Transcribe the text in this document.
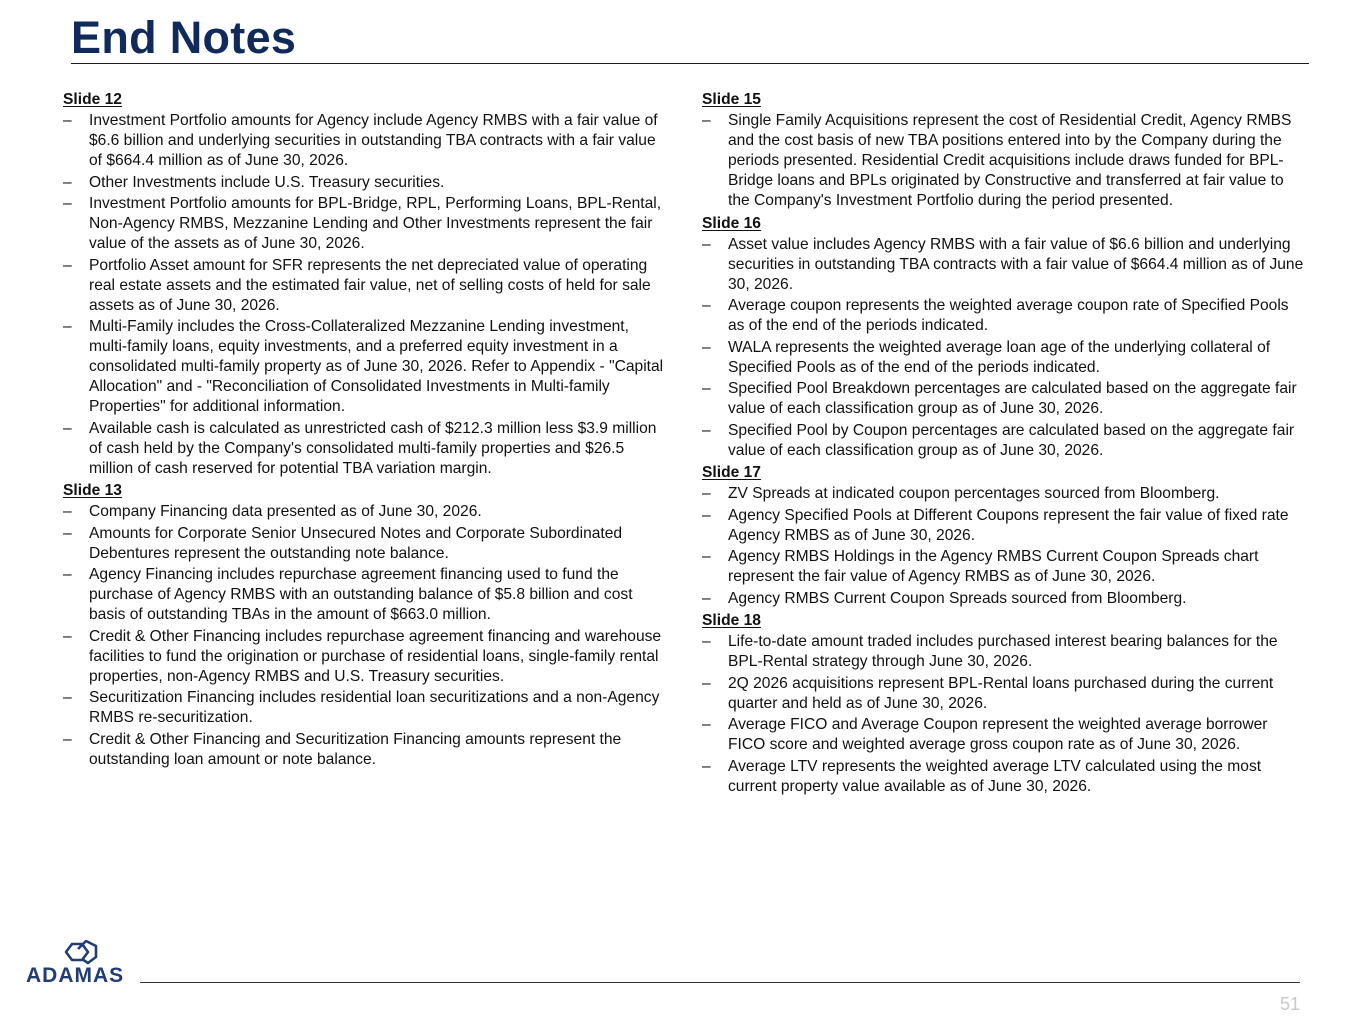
End Notes
Slide 12
–	Investment Portfolio amounts for Agency include Agency RMBS with a fair value of $6.6 billion and underlying securities in outstanding TBA contracts with a fair value of $664.4 million as of June 30, 2026.
–	Other Investments include U.S. Treasury securities.
–	Investment Portfolio amounts for BPL-Bridge, RPL, Performing Loans, BPL-Rental, Non-Agency RMBS, Mezzanine Lending and Other Investments represent the fair value of the assets as of June 30, 2026.
–	Portfolio Asset amount for SFR represents the net depreciated value of operating real estate assets and the estimated fair value, net of selling costs of held for sale assets as of June 30, 2026.
–	Multi-Family includes the Cross-Collateralized Mezzanine Lending investment, multi-family loans, equity investments, and a preferred equity investment in a consolidated multi-family property as of June 30, 2026. Refer to Appendix - "Capital Allocation" and - "Reconciliation of Consolidated Investments in Multi-family Properties" for additional information.
–	Available cash is calculated as unrestricted cash of $212.3 million less $3.9 million of cash held by the Company's consolidated multi-family properties and $26.5 million of cash reserved for potential TBA variation margin.
Slide 13
–	Company Financing data presented as of June 30, 2026.
–	Amounts for Corporate Senior Unsecured Notes and Corporate Subordinated Debentures represent the outstanding note balance.
–	Agency Financing includes repurchase agreement financing used to fund the purchase of Agency RMBS with an outstanding balance of $5.8 billion and cost basis of outstanding TBAs in the amount of $663.0 million.
–	Credit & Other Financing includes repurchase agreement financing and warehouse facilities to fund the origination or purchase of residential loans, single-family rental properties, non-Agency RMBS and U.S. Treasury securities.
–	Securitization Financing includes residential loan securitizations and a non-Agency RMBS re-securitization.
–	Credit & Other Financing and Securitization Financing amounts represent the outstanding loan amount or note balance.
Slide 15
–	Single Family Acquisitions represent the cost of Residential Credit, Agency RMBS and the cost basis of new TBA positions entered into by the Company during the periods presented. Residential Credit acquisitions include draws funded for BPL-Bridge loans and BPLs originated by Constructive and transferred at fair value to the Company's Investment Portfolio during the period presented.
Slide 16
–	Asset value includes Agency RMBS with a fair value of $6.6 billion and underlying securities in outstanding TBA contracts with a fair value of $664.4 million as of June 30, 2026.
–	Average coupon represents the weighted average coupon rate of Specified Pools as of the end of the periods indicated.
–	WALA represents the weighted average loan age of the underlying collateral of Specified Pools as of the end of the periods indicated.
–	Specified Pool Breakdown percentages are calculated based on the aggregate fair value of each classification group as of June 30, 2026.
–	Specified Pool by Coupon percentages are calculated based on the aggregate fair value of each classification group as of June 30, 2026.
Slide 17
–	ZV Spreads at indicated coupon percentages sourced from Bloomberg.
–	Agency Specified Pools at Different Coupons represent the fair value of fixed rate Agency RMBS as of June 30, 2026.
–	Agency RMBS Holdings in the Agency RMBS Current Coupon Spreads chart represent the fair value of Agency RMBS as of June 30, 2026.
–	Agency RMBS Current Coupon Spreads sourced from Bloomberg.
Slide 18
–	Life-to-date amount traded includes purchased interest bearing balances for the BPL-Rental strategy through June 30, 2026.
–	2Q 2026 acquisitions represent BPL-Rental loans purchased during the current quarter and held as of June 30, 2026.
–	Average FICO and Average Coupon represent the weighted average borrower FICO score and weighted average gross coupon rate as of June 30, 2026.
–	Average LTV represents the weighted average LTV calculated using the most current property value available as of June 30, 2026.
ADAMAS
51
